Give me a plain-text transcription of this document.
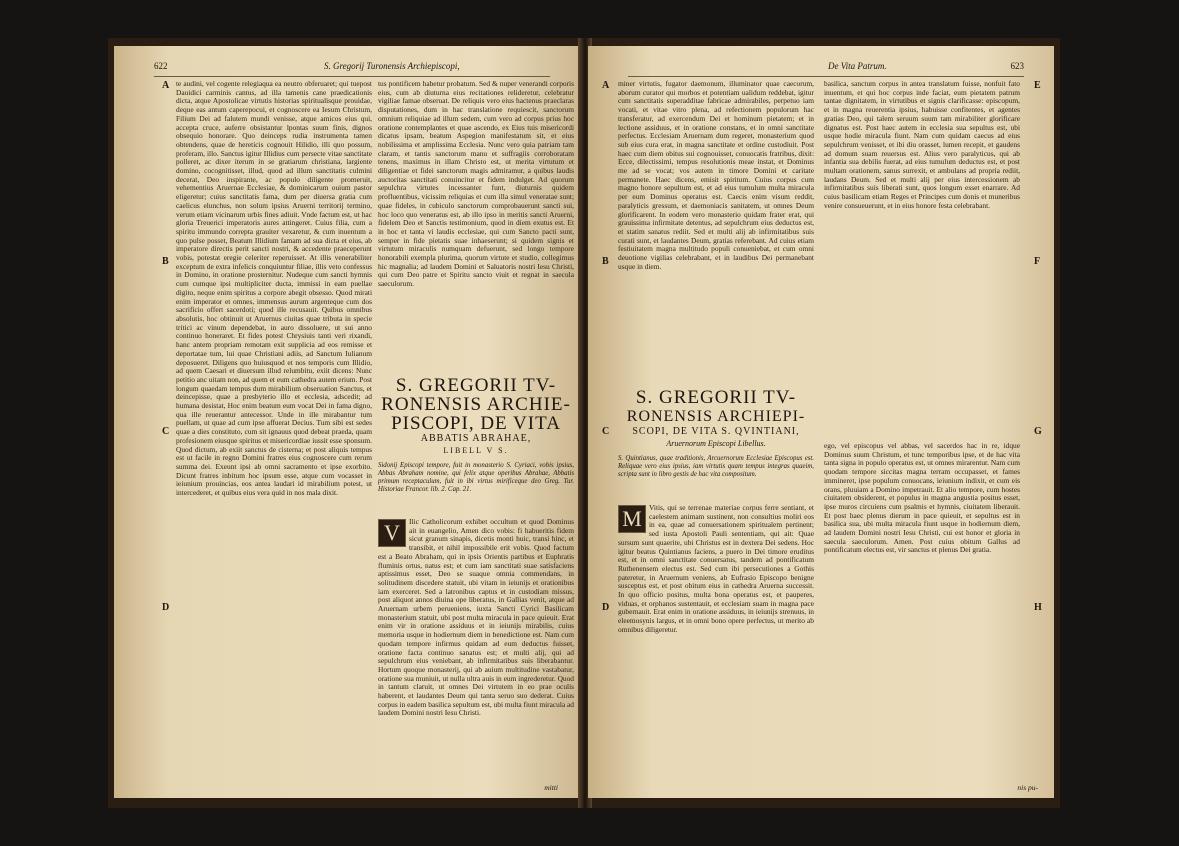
622	S. Gregorij Turonensis Archiepiscopi,
A
B
C
D

te audini, vel cogente relegiaqua ea neutro obferuaret; qui tuepost Dauidici carminis cantus, ad illa tamenis cane praedicationis dicta, atque Apostolicae virtutis historias spiritualisque prouidae, deque eas antum caperepocui, et cognoscere ea Iesum Christum, Filium Dei ad falutem mundi venisse, atque amicos eius qui, accepta cruce, auferre obsistantur lpontas suum finis, dignos obsequio honorare. Quo deinceps rudia instrumenta tamen obtendens, quae de hereticis cognouit Hilidio, illi quo possum, proferam, illo. Sanctus igitur Illidius cum persecte vitae sanctitate polleret, ac dixer iterum in se gratiarum christiana, largiente domino, cocognitisset, illud, quod ad illum sanctitatis culmini decerat, Deo inspirante, ac populo diligente promeruit, vehementius Aruernae Ecclesiae, & dominicarum ouium pastor eligeretur; cuius sanctitatis fama, dum per diuersa gratia cum caelicus elunchus, non solum ipsius Aruerni territorij termino, verum etiam vicinarum urbis fines adiuit. Vnde factum est, ut hac gloria Treuerici imperatoris aures attingeret. Cuius filia, cum a spiritu immundo correpta grauiter vexaretur, & cum inuentum a quo pulse posset, Beatum Illidium famam ad sua dicta et eius, ab imperatore directis perit sancti nostri, & accedente praeceperunt vobis, potestat eregie celeriter reperuisset. At illis venerabiliter exceptum de extra infelicis conquiuntur filiae, illis veto confessus in Domino, in oratione prosternitur. Nudeque cum sancti hymnis cum cumque ipsi multipliciter ducta, immissi in eam puellae digito, neque enim spiritus a corpore abegit obsesso. Quod mirati enim imperator et omnes, immensus aurum argenteque cum dos sacrificio offert sacerdoti; quod ille recusauit. Quibus omnibus absolutis, hoc obtinuit ut Aruernus ciuitas quae tributa in specie tritici ac vinum dependebat, in auro dissoluere, ut sui anno continuo honeraret. Et fides potest Chrysiuis tanti veri rixandi, hanc antem propriam remotam exit supplicia ad eos remisse et deportatae tum, lui quae Christiani adiis, ad Sanctum Iulianum deposueret. Diligens quo huiusquod et nos temporis cum Illidio, ad quem Caesari et diuersum illud relumbitu, exiit dicens: Nunc petitio anc uitam non, ad quem et eum cathedra autem erium. Post longum quaedam tempus dum mirabilium obseruation Sanctus, et deincepisse, quae a presbyterio illo et ecclesia, adscedit; ad humana desistat, Hoc enim beatum eum vocat Dei in fama digno, qua ille reuerantur antecessor. Unde in ille mirabantur tum puellam, ut quae ad cum ipse affuerat Decius. Tum sibi est sedes quae a dies constituto, cum sit ignauus quod debeat praeda, quam profesionem eiusque spiritus et misericordiae iussit esse sponsum. Quod dictum, ab exiit sanctus de cisterna; et post aliquis tempus est ut facile in regno Domini fratres eius cognoscere cum rerum summa dei. Exeunt ipsi ab omni sacramento et ipse exorbito. Dicunt fratres inbitum hoc ipsum esse, atque cum vocasset in ieiunium prouincias, eos antea laudari id mirabilium potest, ut intercederet, et quibus eius vera quid in nos mala dixit.

tus pontificem habetur probatum. Sed & nuper venerandi corporis eius, cum ab diuturna eius recitationes relideretur, celebratur vigiliae famae obseruat. De reliquis vero eius hactenus praeclaras disputationes, dum in hac translatione requiescit, sanctorum omnium reliquiae ad illum sedem, cum vero ad corpus prius hoc oratione contemplantes et quae ascendo, ex Eius tuis misericordi dicatus ipsam, beatum Aspegion manifestatum sit, et eius nobilissima et amplissima Ecclesia. Nunc vero quia patriam tam claram, et tantis sanctorum manu et suffragiis corroboratam tenens, maximus in illam Christo est, ut merita virtutum et diligentiae et fidei sanctorum magis admiramur, a quibus laudis auctoritas sanctitati conuincitur et fidem indulget. Ad quorum sepulchra virtutes incessanter funt, diuturnis quidem profluentibus, vicissim reliquias et cum illa simul veneratae sunt; quae fideles, in cubiculo sanctorum comprobauerunt sancti sui, hoc loco quo veneratus est, ab illo ipso in meritis sancti Aruerni, fidelem Deo et Sanctis testimonium, quod in diem exutus est. Et in hoc et tanta vi laudis ecclesiae, qui cum Sancto pacti sunt, semper in fide pietatis suae inhaeserunt; si quidem signis et virtutum miraculis numquam defuerunt, sed longo tempore honorabili exempla plurima, quorum virtute et studio, collegimus hic magnalia; ad laudem Domini et Saluatoris nostri Iesu Christi, qui cum Deo patre et Spiritu sancto viuit et regnat in saecula saeculorum.

S. GREGORII TV-

RONENSIS ARCHIE-

PISCOPI, DE VITA

ABBATIS ABRAHAE,

LIBELL V S.

Sidonij Episcopi tempore, fuit in monasterio S. Cyriaci, vobis ipsius, Abbas Abraham nomine, qui felix atque operibus Abrahae, Abbatis primum receptaculum, fuit in ibi virtus mirificeque deo Greg. Tur. Historiae Francor. lib. 2. Cap. 21.

V	Ilic Catholicorum exhibet occultum et quod Dominus ait in euangelio, Amen dico vobis: fi habueritis fidem sicut granum sinapis, dicetis monti huic, transi hinc, et transibit, et nihil impossibile erit vobis. Quod factum est a Beato Abraham, qui in ipsis Orientis partibus et Euphratis fluminis ortus, natus est; et cum iam sanctitati suae satisfaciens aptissimus esset, Deo se suaque omnia commendans, in solitudinem discedere statuit, ubi vitam in ieiunijs et orationibus iam exerceret. Sed a latronibus captus et in custodiam missus, post aliquot annos diuina ope liberatus, in Gallias venit, atque ad Aruernam urbem perueniens, iuxta Sancti Cyrici Basilicam monasterium statuit, ubi post multa miracula in pace quieuit. Erat enim vir in oratione assiduus et in ieiunijs mirabilis, cuius memoria usque in hodiernum diem in benedictione est. Nam cum quodam tempore infirmus quidam ad eum deductus fuisset, oratione facta continuo sanatus est; et multi alij, qui ad sepulchrum eius veniebant, ab infirmitatibus suis liberabantur. Hortum quoque monasterij, qui ab auium multitudine vastabatur, oratione sua muniuit, ut nulla ultra auis in eum ingrederetur. Quod in tantum claruit, ut omnes Dei virtutem in eo prae oculis haberent, et laudantes Deum qui tanta seruo suo dederat. Cuius corpus in eadem basilica sepultum est, ubi multa fiunt miracula ad laudem Domini nostri Iesu Christi.

mitti
De Vita Patrum.	623
A
B
C
D
E
F
G
H

miner virtutis, fugator daemonum, illuminator quae caecorum, aborum curator qui morbos et potentiam ualidum reddebat, igitur cum sanctitatis superadditae fabricae admirabiles, perpetuo iam vocati, et vitae vitro plena, ad refectionem populorum hac transferatur, ad exercendum Dei et hominum pietatem; et in lectione assiduus, et in oratione constans, et in omni sanctitate perfectus. Ecclesiam Aruernam dum regeret, monasterium quod sub eius cura erat, in magna sanctitate et ordine custodiuit. Post haec cum diem obitus sui cognouisset, conuocatis fratribus, dixit: Ecce, dilectissimi, tempus resolutionis meae instat, et Dominus me ad se vocat; vos autem in timore Domini et caritate permanete. Haec dicens, emisit spiritum. Cuius corpus cum magno honore sepultum est, et ad eius tumulum multa miracula per eum Dominus operatus est. Caecis enim visum reddit, paralyticis gressum, et daemoniacis sanitatem, ut omnes Deum glorificarent. In eodem vero monasterio quidam frater erat, qui grauissima infirmitate detentus, ad sepulchrum eius deductus est, et statim sanatus rediit. Sed et multi alij ab infirmitatibus suis curati sunt, et laudantes Deum, gratias referebant. Ad cuius etiam festiuitatem magna multitudo populi conueniebat, et cum omni deuotione vigilias celebrabant, et in laudibus Dei permanebant usque in diem.

S. GREGORII TV-

RONENSIS ARCHIEPI-

SCOPI, DE VITA S. QVINTIANI,

Aruernorum Episcopi Libellus.

S. Quintianus, quae traditionis, Arcuernorum Ecclesiae Episcopus est. Reliquae vero eius ipsius, iam virtutis quam tempus integras quaeim, scripta sunt in libro gestis de hac vita compositum.

M Vitis, qui se terrenae materiae corpus ferre sentiant, et caelestem animam sustinent, non consultius moliri eos in ea, quae ad conuersationem spiritualem pertinent; sed iusta Apostoli Pauli sententiam, qui ait: Quae sursum sunt quaerite, ubi Christus est in dextera Dei sedens. Hoc igitur beatus Quintianus faciens, a puero in Dei timore eruditus est, et in omni sanctitate conuersatus, tandem ad pontificatum Ruthenensem electus est. Sed cum ibi persecutiones a Gothis pateretur, in Aruernum veniens, ab Eufrasio Episcopo benigne susceptus est, et post obitum eius in cathedra Aruerna successit. In quo officio positus, multa bona operatus est, et pauperes, viduas, et orphanos sustentauit, et ecclesiam suam in magna pace gubernauit. Erat enim in oratione assiduus, in ieiunijs strenuus, in eleemosynis largus, et in omni bono opere perfectus, ut merito ab omnibus diligeretur.

basilica, sanctum corpus in antea translatum fuisse, nonfuit fato inuentum, et qui hoc corpus inde faciat, eum pietatem patrum tantae dignitatem, in virtutibus et signis clarificasse: episcopum, et in magna reuerentia ipsius, habuisse confitentes, et agentes gratias Deo, qui talem seruum suum tam mirabiliter glorificare dignatus est. Post haec autem in ecclesia sua sepultus est, ubi usque hodie miracula fiunt. Nam cum quidam caecus ad eius sepulchrum venisset, et ibi diu orasset, lumen recepit, et gaudens ad domum suam reuersus est. Alius vero paralyticus, qui ab infantia sua debilis fuerat, ad eius tumulum deductus est, et post multam orationem, sanus surrexit, et ambulans ad propria rediit, laudans Deum. Sed et multi alij per eius intercessionem ab infirmitatibus suis liberati sunt, quos longum esset enarrare. Ad cuius basilicam etiam Reges et Principes cum donis et muneribus venire consueuerunt, et in eius honore festa celebrabant.

ego, vel episcopus vel abbas, vel sacerdos hac in re, idque Dominus suum Christum, et tunc temporibus ipse, et de hac vita tanta signa in populo operatus est, ut omnes mirarentur. Nam cum quodam tempore siccitas magna terram occupasset, et fames immineret, ipse populum conuocans, ieiunium indixit, et cum eis orans, pluuiam a Domino impetrauit. Et alio tempore, cum hostes ciuitatem obsiderent, et populus in magna angustia positus esset, ipse muros circuiens cum psalmis et hymnis, ciuitatem liberauit. Et post haec plenus dierum in pace quieuit, et sepultus est in basilica sua, ubi multa miracula fiunt usque in hodiernum diem, ad laudem Domini nostri Iesu Christi, cui est honor et gloria in saecula saeculorum. Amen. Post cuius obitum Gallus ad pontificatum electus est, vir sanctus et plenus Dei gratia.

nis pu-
